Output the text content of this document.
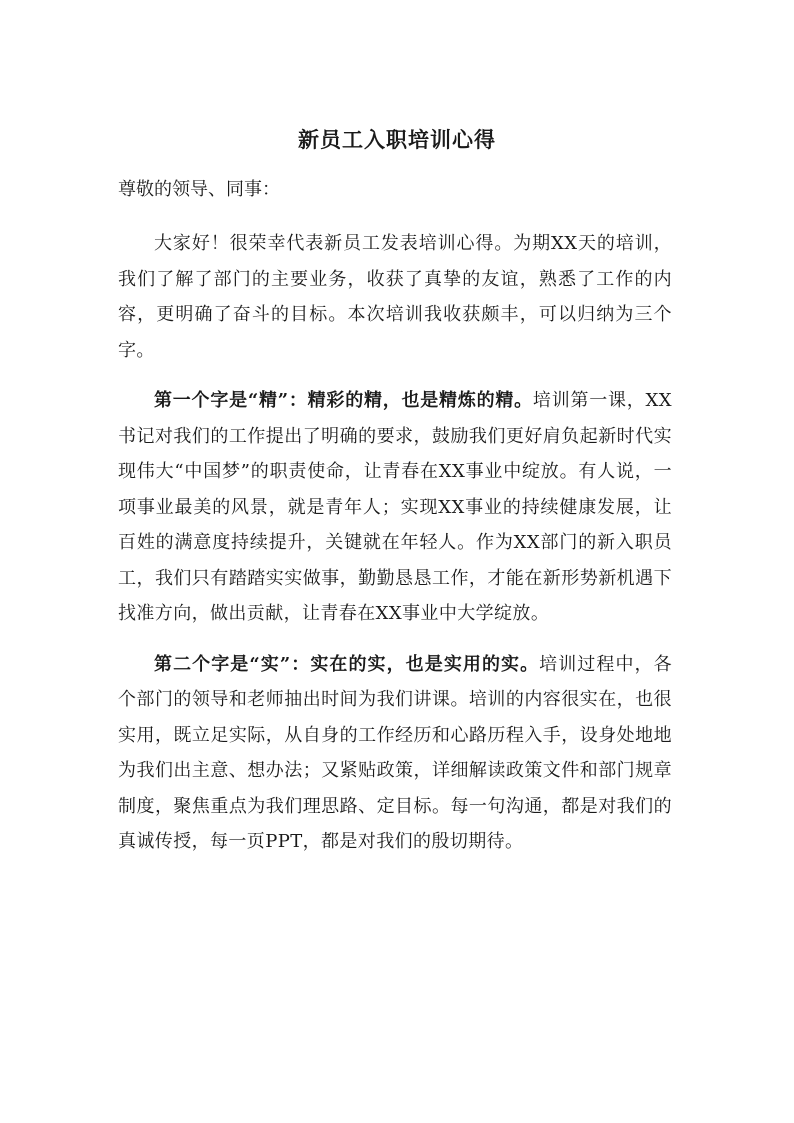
新员工入职培训心得
尊敬的领导、同事：

大家好！很荣幸代表新员工发表培训心得。为期XX天的培训，我们了解了部门的主要业务，收获了真挚的友谊，熟悉了工作的内容，更明确了奋斗的目标。本次培训我收获颇丰，可以归纳为三个字。

第一个字是“精”：精彩的精，也是精炼的精。培训第一课，XX书记对我们的工作提出了明确的要求，鼓励我们更好肩负起新时代实现伟大“中国梦”的职责使命，让青春在XX事业中绽放。有人说，一项事业最美的风景，就是青年人；实现XX事业的持续健康发展，让百姓的满意度持续提升，关键就在年轻人。作为XX部门的新入职员工，我们只有踏踏实实做事，勤勤恳恳工作，才能在新形势新机遇下找准方向，做出贡献，让青春在XX事业中大学绽放。

第二个字是“实”：实在的实，也是实用的实。培训过程中，各个部门的领导和老师抽出时间为我们讲课。培训的内容很实在，也很实用，既立足实际，从自身的工作经历和心路历程入手，设身处地地为我们出主意、想办法；又紧贴政策，详细解读政策文件和部门规章制度，聚焦重点为我们理思路、定目标。每一句沟通，都是对我们的真诚传授，每一页PPT，都是对我们的殷切期待。
